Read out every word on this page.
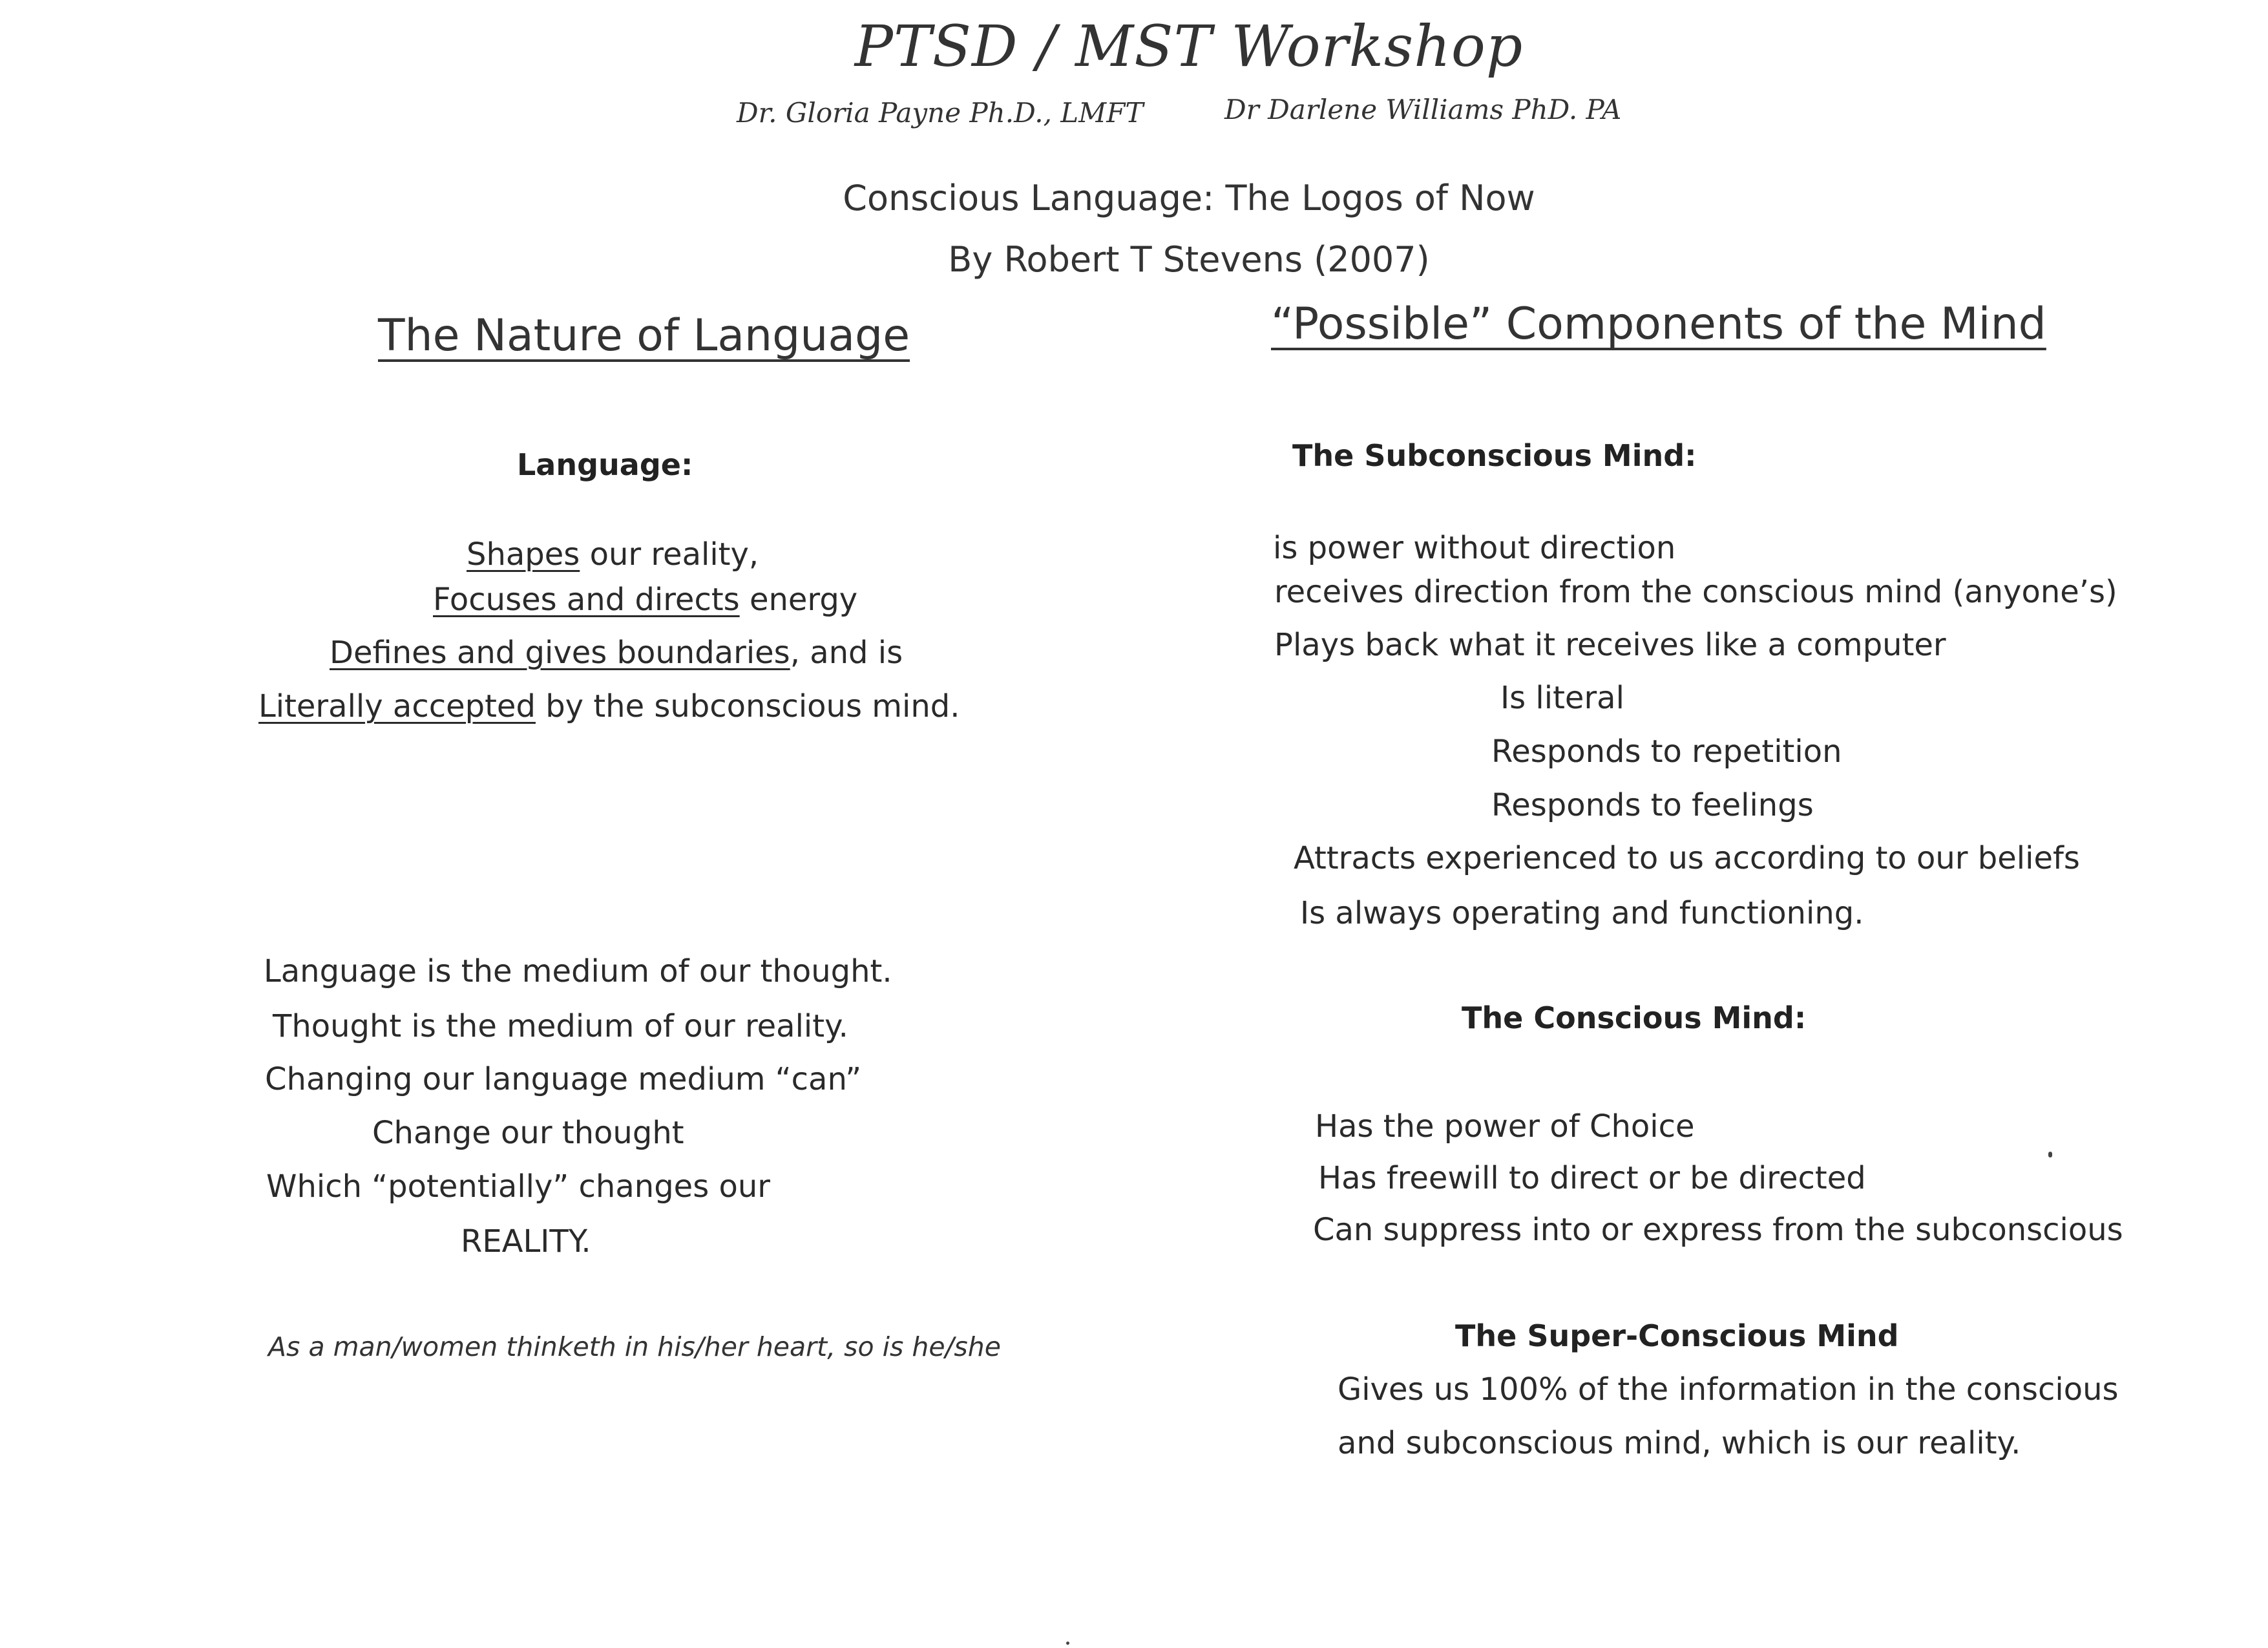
PTSD / MST Workshop
Dr. Gloria Payne Ph.D., LMFT	Dr Darlene Williams PhD. PA
Conscious Language: The Logos of Now
By Robert T Stevens (2007)
The Nature of Language
Language:
Shapes our reality,
Focuses and directs energy
Defines and gives boundaries, and is
Literally accepted by the subconscious mind.
Language is the medium of our thought.
Thought is the medium of our reality.
Changing our language medium “can”
Change our thought
Which “potentially” changes our
REALITY.
As a man/women thinketh in his/her heart, so is he/she
“Possible” Components of the Mind
The Subconscious Mind:
is power without direction
receives direction from the conscious mind (anyone’s)
Plays back what it receives like a computer
Is literal
Responds to repetition
Responds to feelings
Attracts experienced to us according to our beliefs
Is always operating and functioning.
The Conscious Mind:
Has the power of Choice
Has freewill to direct or be directed
Can suppress into or express from the subconscious
The Super-Conscious Mind
Gives us 100% of the information in the conscious
and subconscious mind, which is our reality.
